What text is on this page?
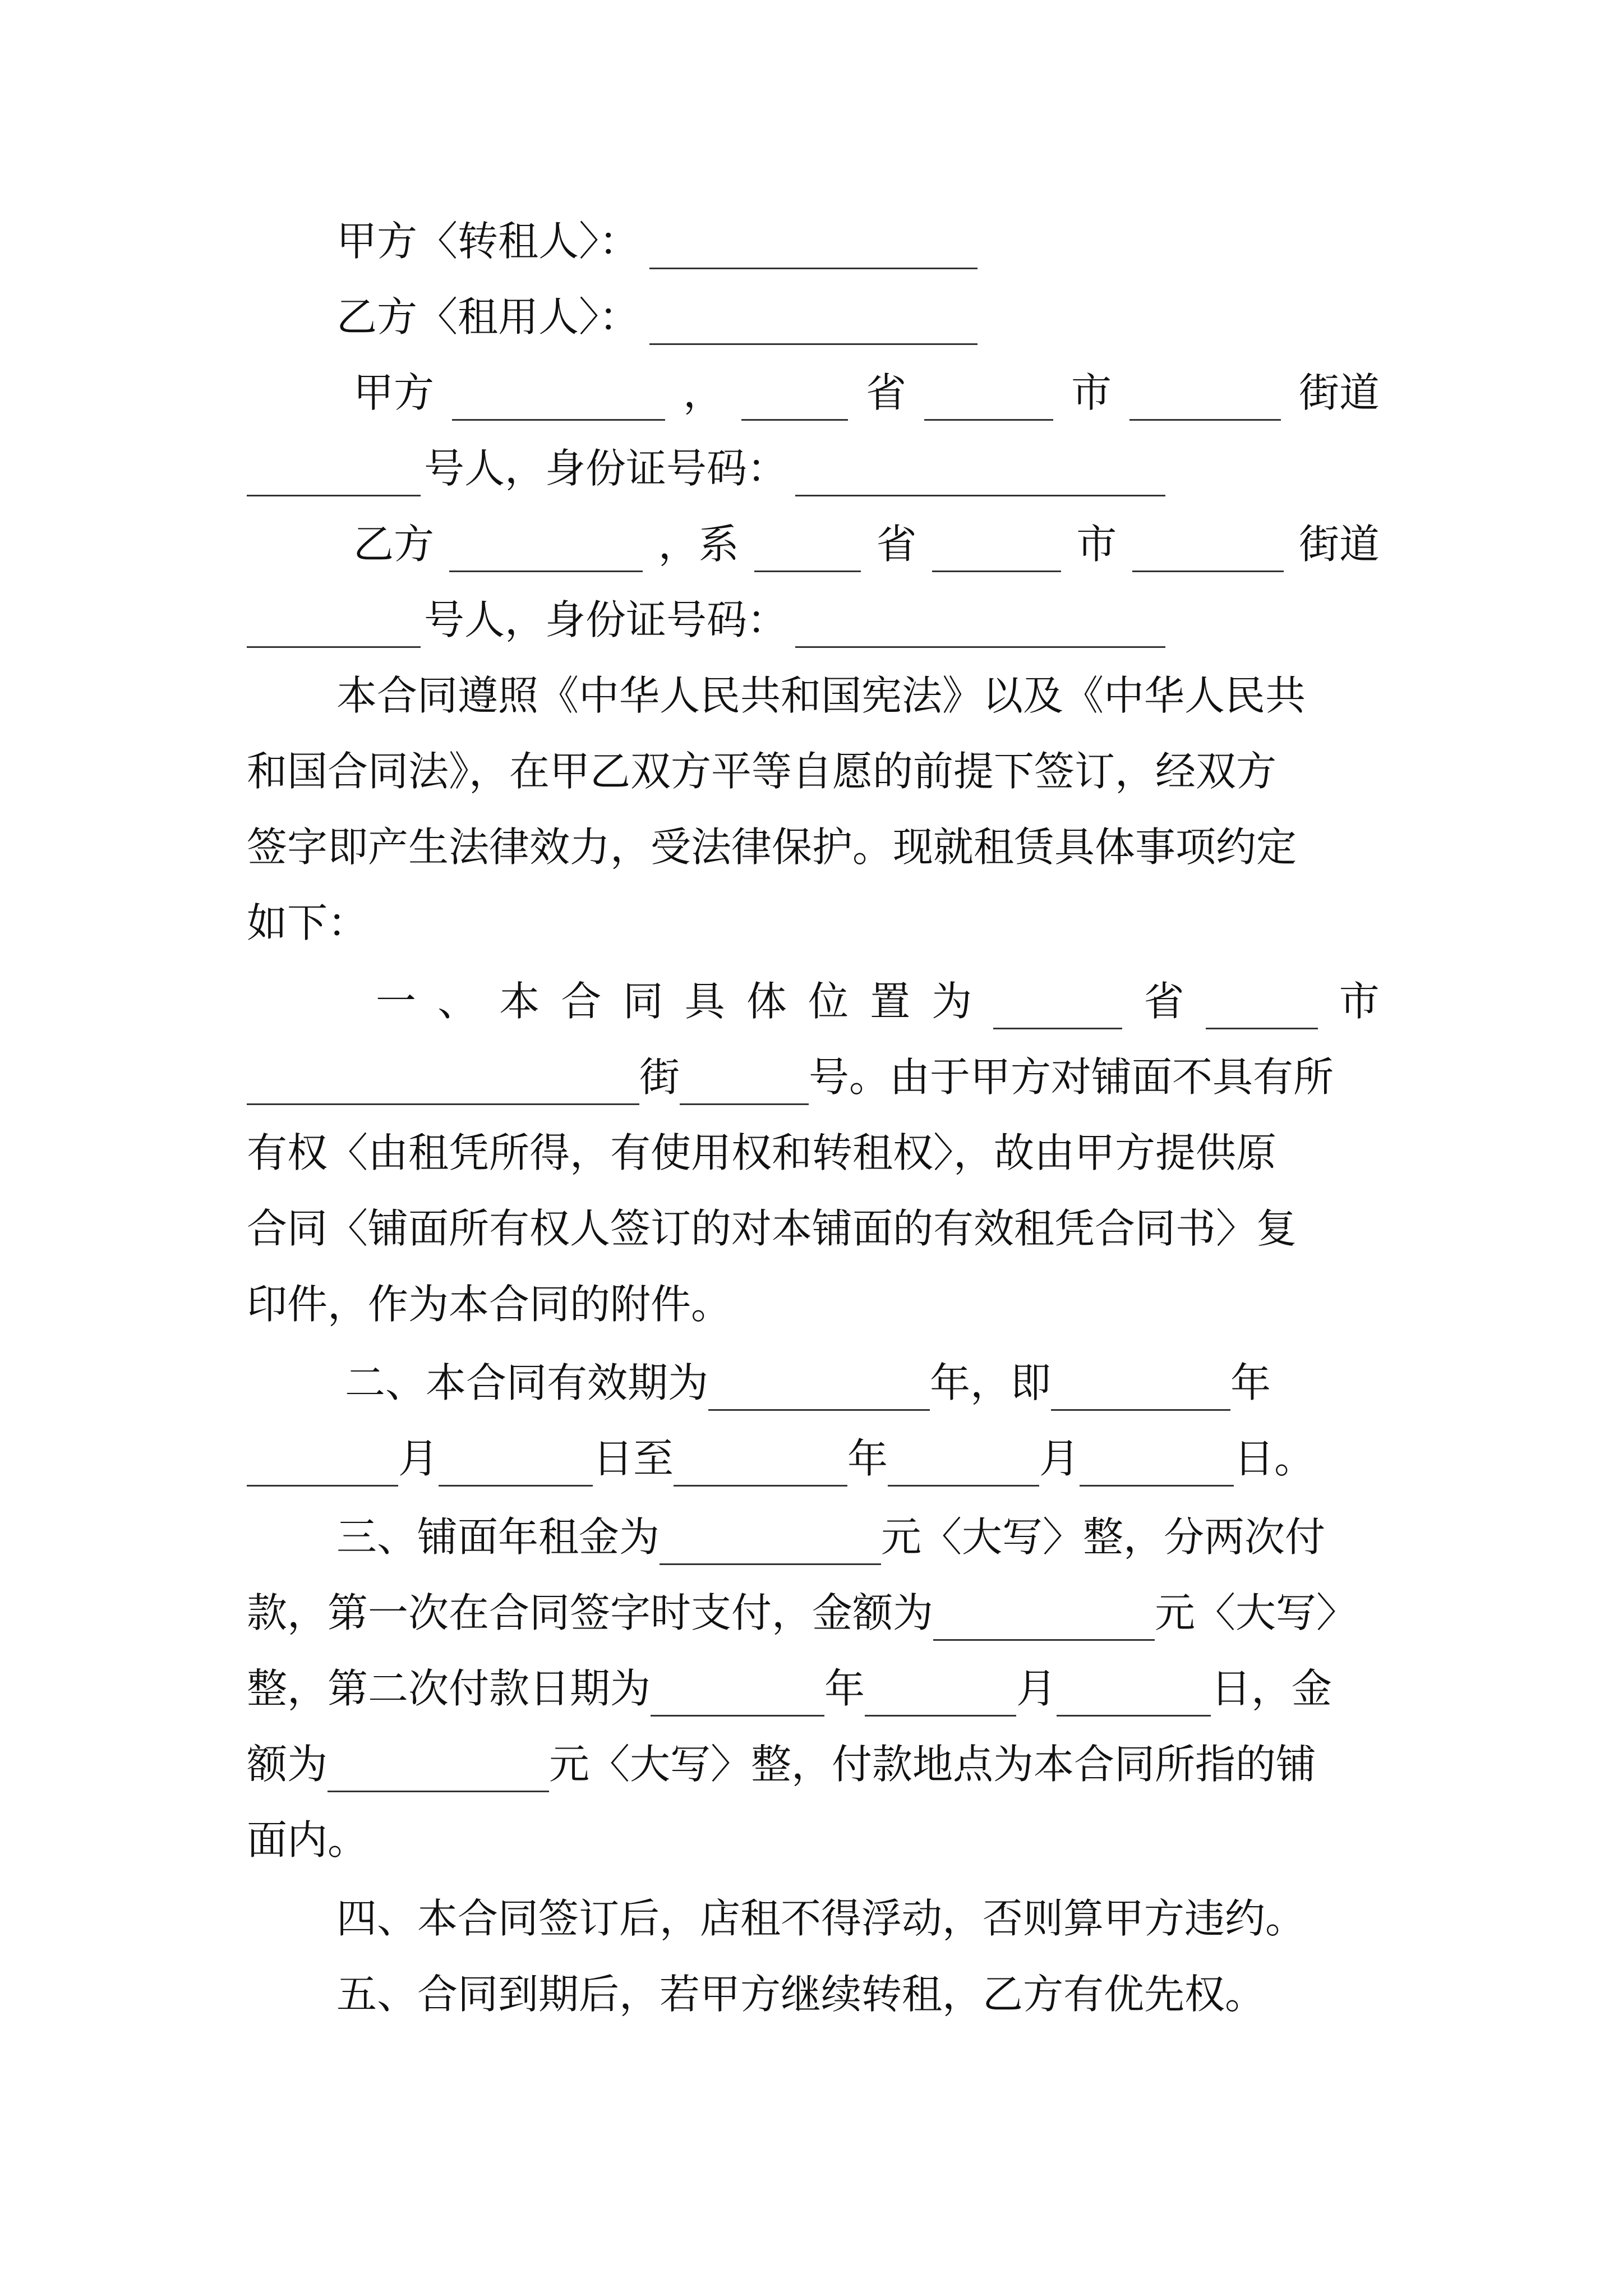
甲方〈转租人〉：
乙方〈租用人〉：
甲方	，	省	市	街道
号人，身份证号码：
乙方	，系	省	市	街道
号人，身份证号码：
本合同遵照《中华人民共和国宪法》以及《中华人民共
和国合同法》，在甲乙双方平等自愿的前提下签订，经双方
签字即产生法律效力，受法律保护。现就租赁具体事项约定
如下：
一 、 本 合 同 具 体 位 置 为	省	市
街	号。由于甲方对铺面不具有所
有权〈由租凭所得，有使用权和转租权〉，故由甲方提供原
合同〈铺面所有权人签订的对本铺面的有效租凭合同书〉复
印件，作为本合同的附件。
二、本合同有效期为	年，即	年
月	日至	年	月	日。
三、铺面年租金为	元〈大写〉整，分两次付
款，第一次在合同签字时支付，金额为	元〈大写〉
整，第二次付款日期为	年	月	日，金
额为	元〈大写〉整，付款地点为本合同所指的铺
面内。
四、本合同签订后，店租不得浮动，否则算甲方违约。
五、合同到期后，若甲方继续转租，乙方有优先权。
